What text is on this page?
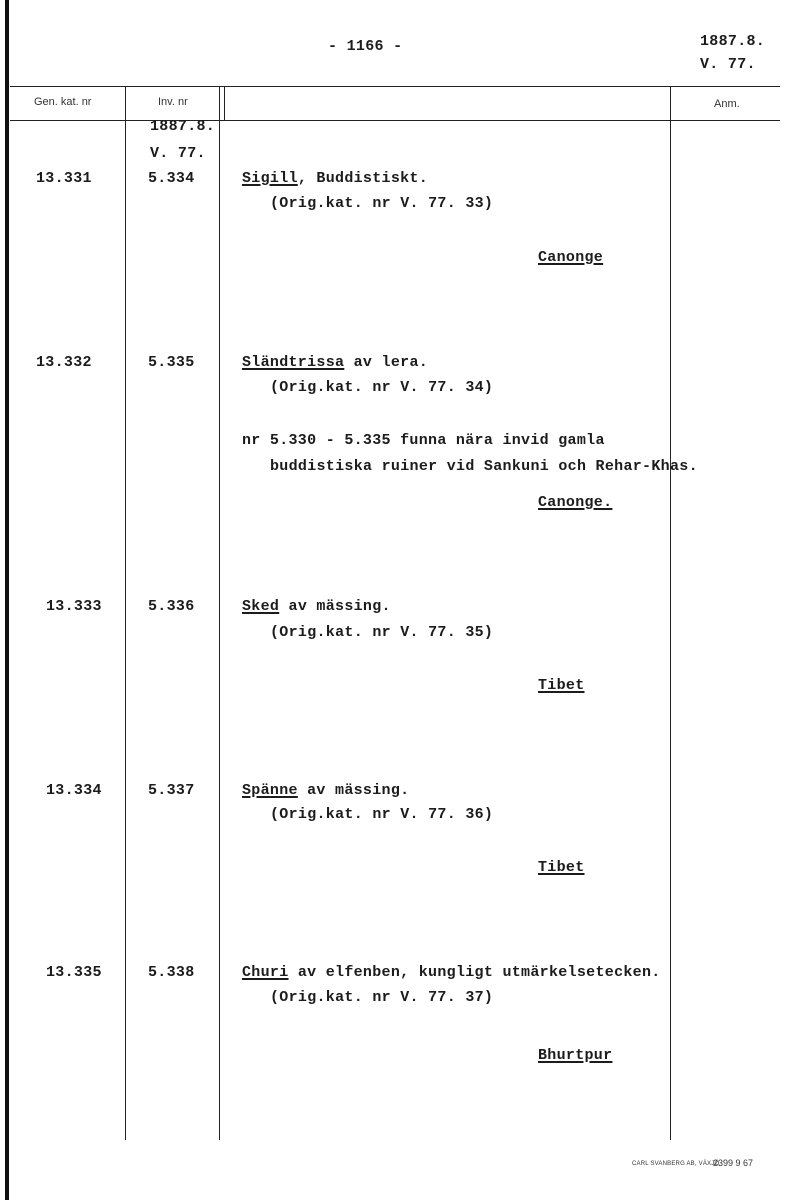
- 1166 -	1887.8.
V. 77.
Gen. kat. nr	Inv. nr	Anm.
1887.8.
V. 77.
13.331	5.334	Sigill, Buddistiskt.
(Orig.kat. nr V. 77. 33)
Canonge
13.332	5.335	Sländtrissa av lera.
(Orig.kat. nr V. 77. 34)
nr 5.330 - 5.335 funna nära invid gamla
buddistiska ruiner vid Sankuni och Rehar-Khas.
Canonge.
13.333	5.336	Sked av mässing.
(Orig.kat. nr V. 77. 35)
Tibet
13.334	5.337	Spänne av mässing.
(Orig.kat. nr V. 77. 36)
Tibet
13.335	5.338	Churi av elfenben, kungligt utmärkelsetecken.
(Orig.kat. nr V. 77. 37)
Bhurtpur
CARL SVANBERG AB, VÄXJÖ
2399 9 67
